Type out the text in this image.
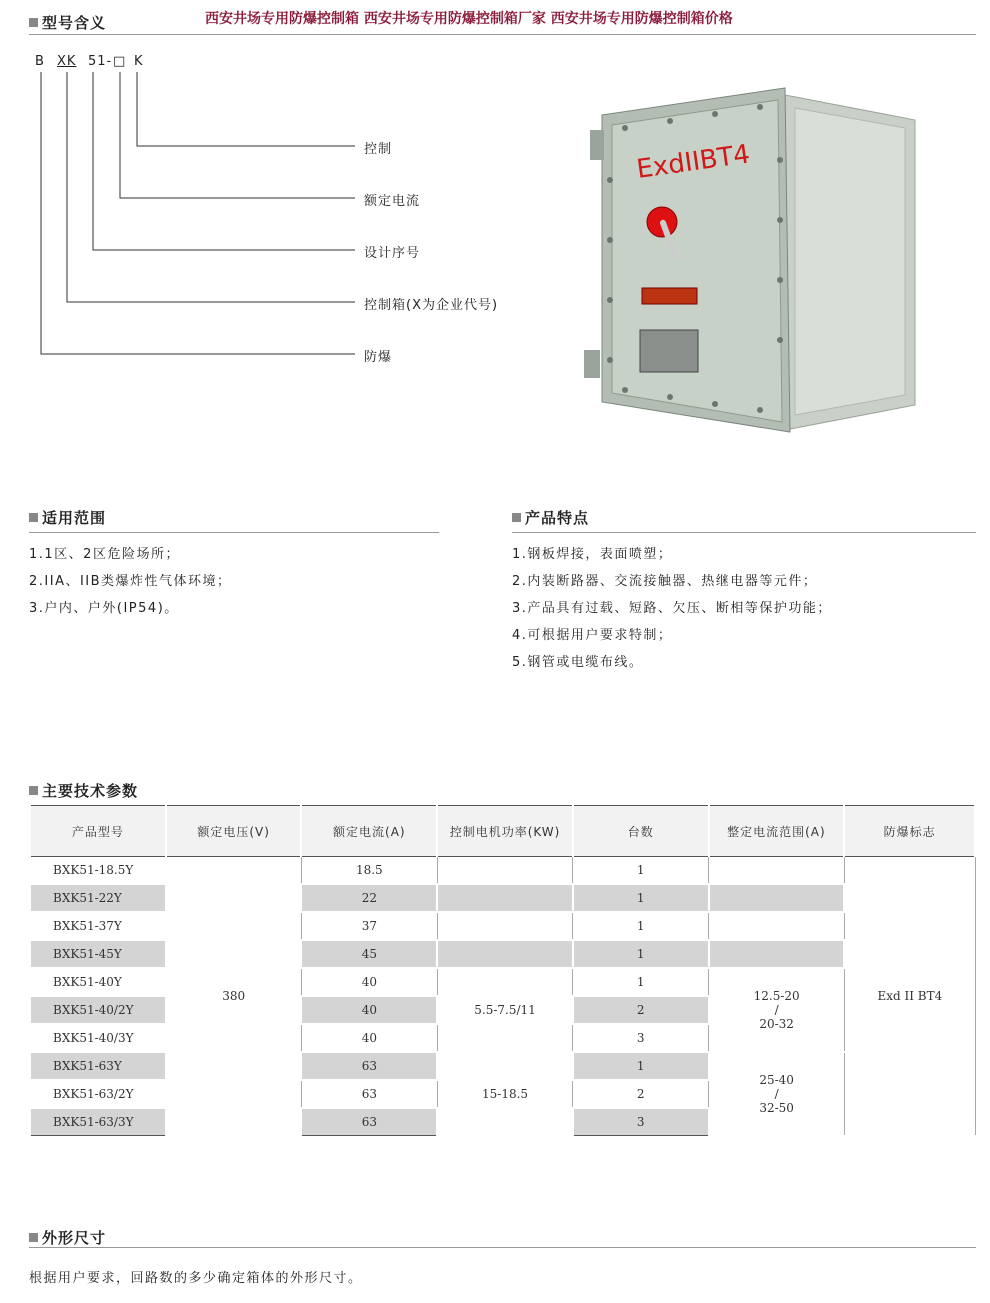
型号含义	西安井场专用防爆控制箱 西安井场专用防爆控制箱厂家 西安井场专用防爆控制箱价格
B XK 51- □ K
控制
额定电流
设计序号
控制箱(X为企业代号)
防爆
ExdIIBT4
适用范围
1.1区、2区危险场所；
2.IIA、IIB类爆炸性气体环境；
3.户内、户外(IP54)。
产品特点
1.钢板焊接，表面喷塑；
2.内装断路器、交流接触器、热继电器等元件；
3.产品具有过载、短路、欠压、断相等保护功能；
4.可根据用户要求特制；
5.钢管或电缆布线。
主要技术参数
产品型号	额定电压(V)	额定电流(A)	控制电机功率(KW)	台数	整定电流范围(A)	防爆标志
BXK51-18.5Y	380	18.5		1		Exd II BT4
BXK51-22Y		22		1		
BXK51-37Y		37		1		
BXK51-45Y		45		1		
BXK51-40Y		40	5.5-7.5/11	1	12.5-20
/
20-32	

BXK51-40/2Y		40		2		
BXK51-40/3Y		40		3		
BXK51-63Y		63	15-18.5	1	25-40
/
32-50	

BXK51-63/2Y		63		2		
BXK51-63/3Y		63		3		
外形尺寸
根据用户要求，回路数的多少确定箱体的外形尺寸。
